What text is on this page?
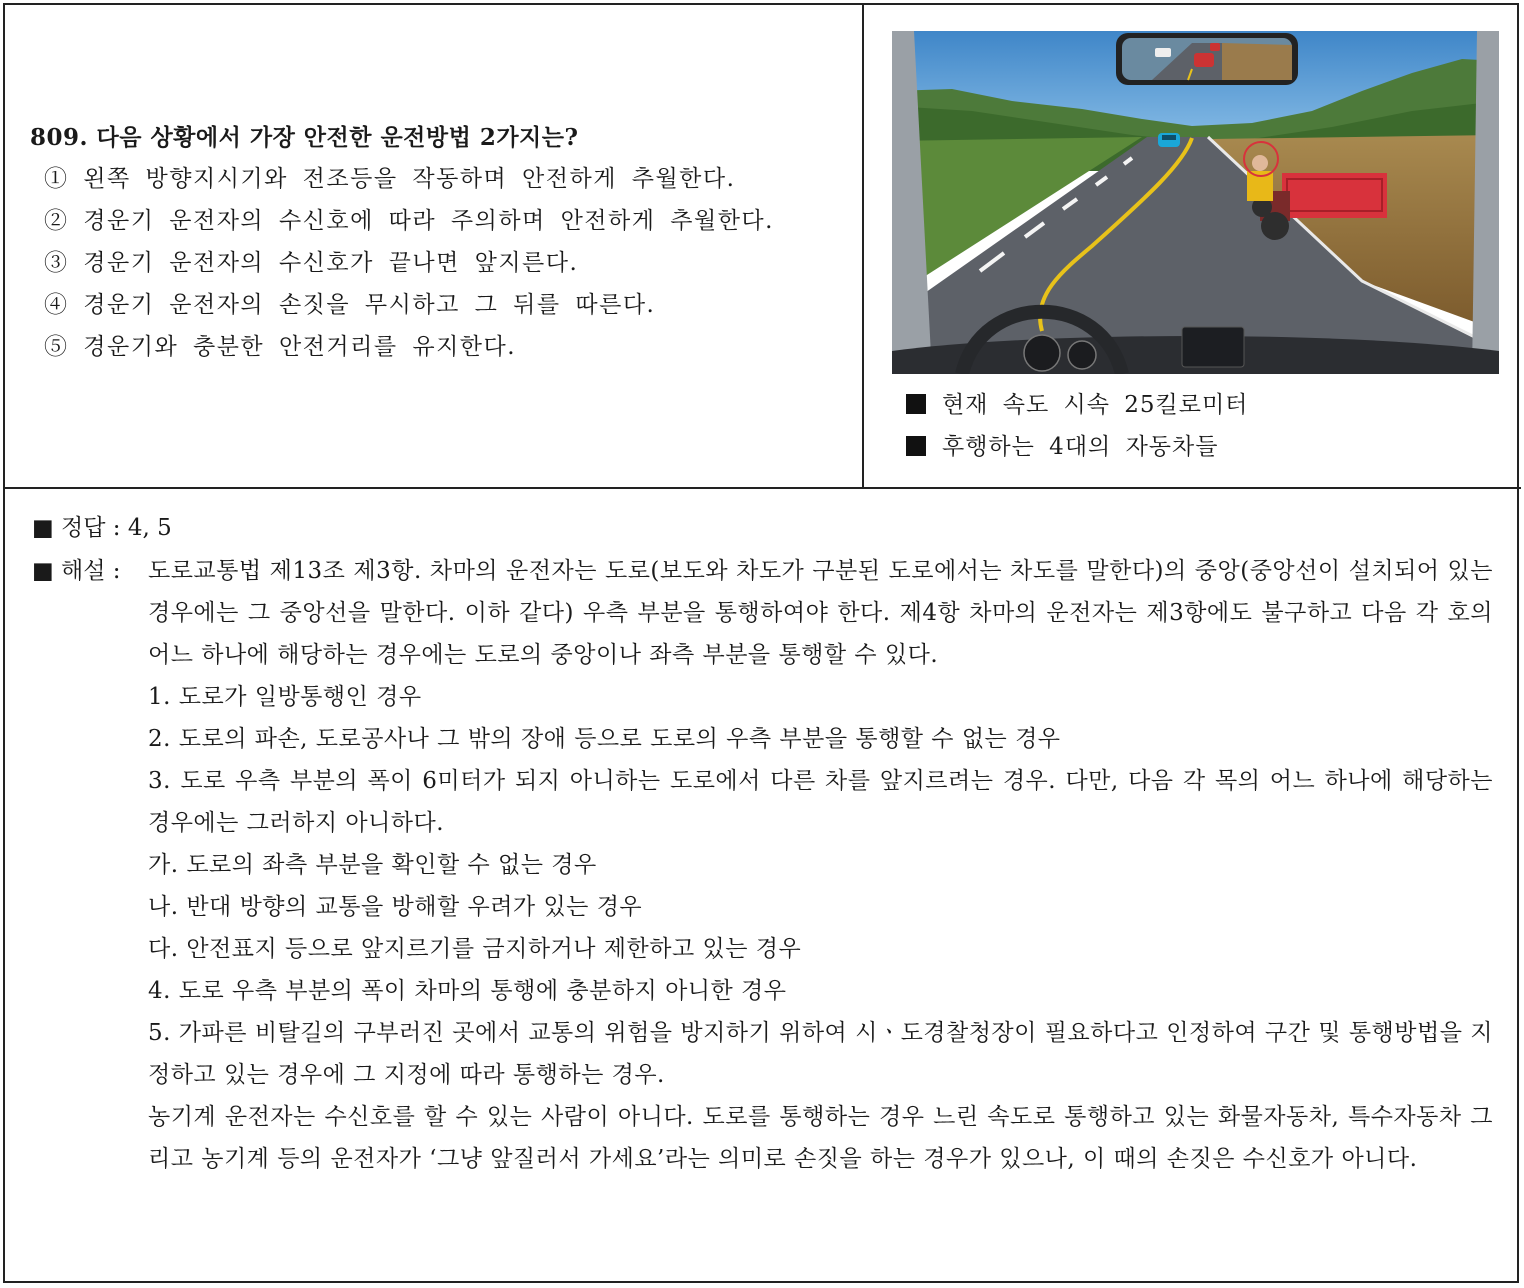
809. 다음 상황에서 가장 안전한 운전방법 2가지는?
① 왼쪽 방향지시기와 전조등을 작동하며 안전하게 추월한다.
② 경운기 운전자의 수신호에 따라 주의하며 안전하게 추월한다.
③ 경운기 운전자의 수신호가 끝나면 앞지른다.
④ 경운기 운전자의 손짓을 무시하고 그 뒤를 따른다.
⑤ 경운기와 충분한 안전거리를 유지한다.
현재 속도 시속 25킬로미터
후행하는 4대의 자동차들
■ 정답 : 4, 5
■ 해설 : 도로교통법 제13조 제3항. 차마의 운전자는 도로(보도와 차도가 구분된 도로에서는 차도를 말한다)의 중앙(중앙선이 설치되어 있는 경우에는 그 중앙선을 말한다. 이하 같다) 우측 부분을 통행하여야 한다. 제4항 차마의 운전자는 제3항에도 불구하고 다음 각 호의 어느 하나에 해당하는 경우에는 도로의 중앙이나 좌측 부분을 통행할 수 있다.
1. 도로가 일방통행인 경우
2. 도로의 파손, 도로공사나 그 밖의 장애 등으로 도로의 우측 부분을 통행할 수 없는 경우
3. 도로 우측 부분의 폭이 6미터가 되지 아니하는 도로에서 다른 차를 앞지르려는 경우. 다만, 다음 각 목의 어느 하나에 해당하는 경우에는 그러하지 아니하다.
가. 도로의 좌측 부분을 확인할 수 없는 경우
나. 반대 방향의 교통을 방해할 우려가 있는 경우
다. 안전표지 등으로 앞지르기를 금지하거나 제한하고 있는 경우
4. 도로 우측 부분의 폭이 차마의 통행에 충분하지 아니한 경우
5. 가파른 비탈길의 구부러진 곳에서 교통의 위험을 방지하기 위하여 시ㆍ도경찰청장이 필요하다고 인정하여 구간 및 통행방법을 지정하고 있는 경우에 그 지정에 따라 통행하는 경우.
농기계 운전자는 수신호를 할 수 있는 사람이 아니다. 도로를 통행하는 경우 느린 속도로 통행하고 있는 화물자동차, 특수자동차 그리고 농기계 등의 운전자가 ‘그냥 앞질러서 가세요’라는 의미로 손짓을 하는 경우가 있으나, 이 때의 손짓은 수신호가 아니다.
